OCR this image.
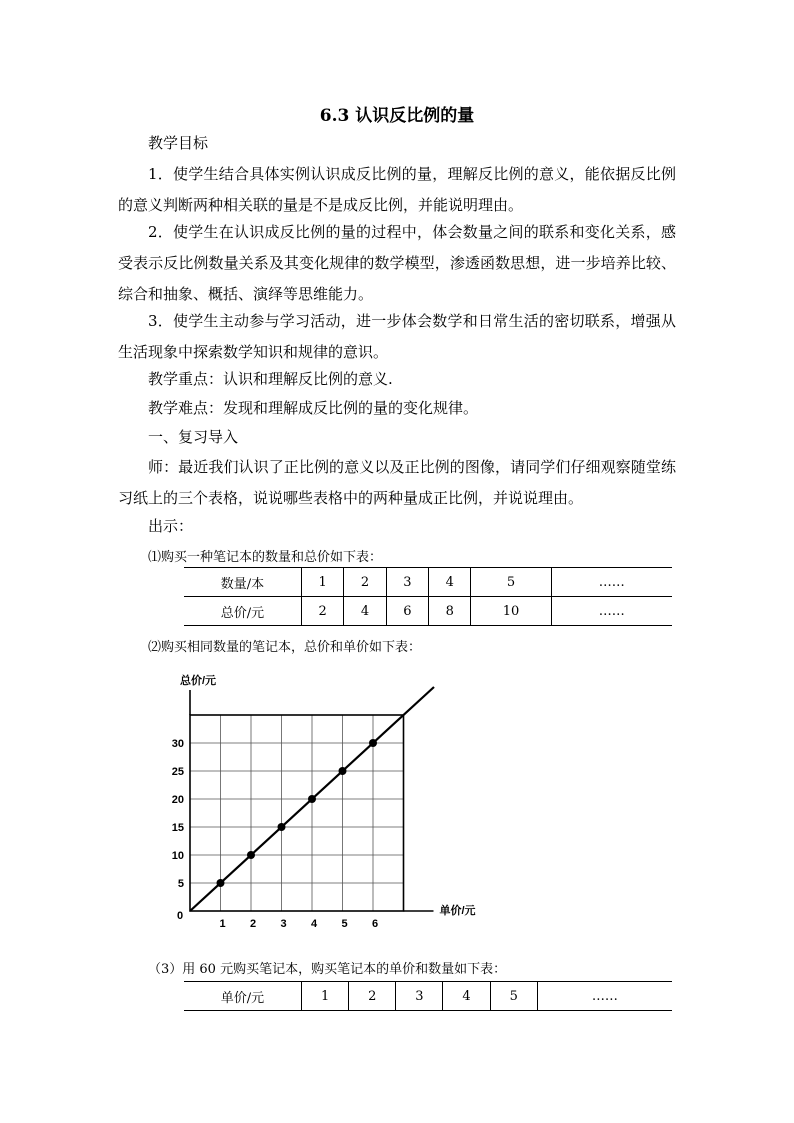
6.3 认识反比例的量

教学目标

1．使学生结合具体实例认识成反比例的量，理解反比例的意义，能依据反比例的意义判断两种相关联的量是不是成反比例，并能说明理由。

2．使学生在认识成反比例的量的过程中，体会数量之间的联系和变化关系，感受表示反比例数量关系及其变化规律的数学模型，渗透函数思想，进一步培养比较、综合和抽象、概括、演绎等思维能力。

3．使学生主动参与学习活动，进一步体会数学和日常生活的密切联系，增强从生活现象中探索数学知识和规律的意识。

教学重点：认识和理解反比例的意义.

教学难点：发现和理解成反比例的量的变化规律。

一、复习导入

师：最近我们认识了正比例的意义以及正比例的图像，请同学们仔细观察随堂练习纸上的三个表格，说说哪些表格中的两种量成正比例，并说说理由。

出示：

⑴购买一种笔记本的数量和总价如下表：
数量/本	1	2	3	4	5	……
总价/元	2	4	6	8	10	……
⑵购买相同数量的笔记本，总价和单价如下表：
1 2 3 4 5 6
5
10
15
20
25
30
0
总价/元
单价/元
（3）用 60 元购买笔记本，购买笔记本的单价和数量如下表：
单价/元	1	2	3	4	5	……
